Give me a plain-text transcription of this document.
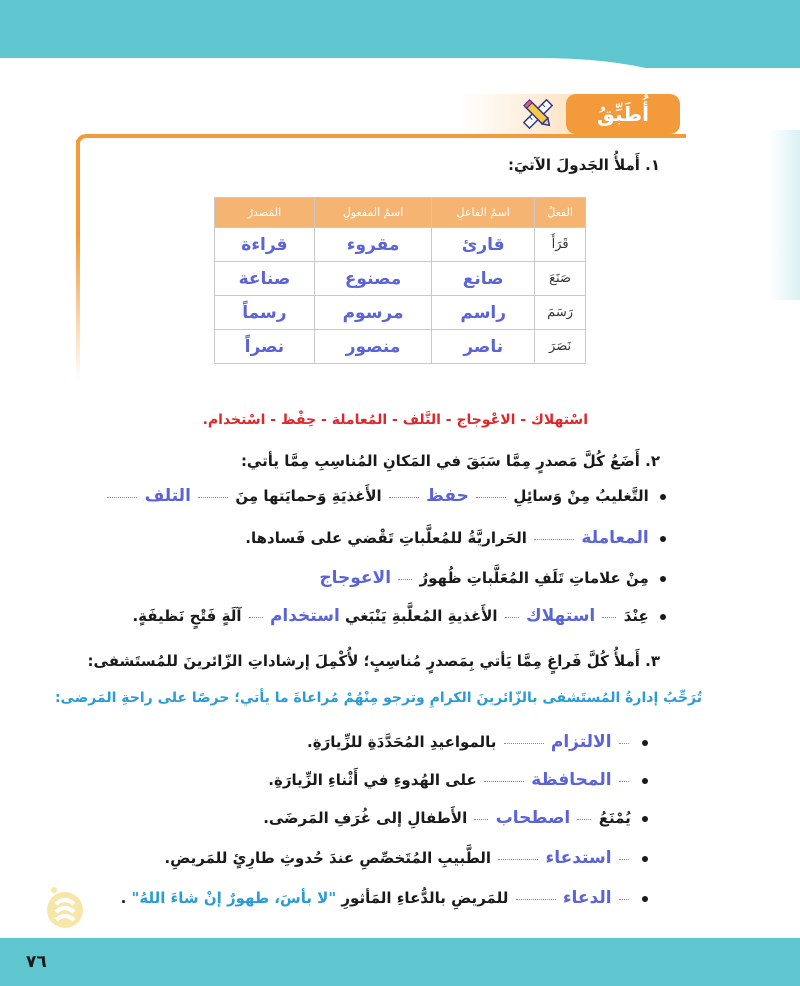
أُطَبِّقُ
١. أَملأُ الجَدولَ الآتيَ:
الفعلُ	اسمُ الفاعلِ	اسمُ المفعولِ	المَصدرُ
قَرَأَ	قارئ	مقروء	قراءة
صَنَعَ	صانع	مصنوع	صناعة
رَسَمَ	راسم	مرسوم	رسماً
نَصَرَ	ناصر	منصور	نصراً
اسْتهلاك - الاعْوجاج - التَّلف - المُعاملة - حِفْظ - اسْتخدام.
٢. أَضَعُ كُلَّ مَصدرٍ مِمَّا سَبَقَ في المَكانِ المُناسِبِ مِمَّا يأتي:
التَّغليبُ مِنْ وَسائِلِ  حفظ  الأَغذيَةِ وَحمايَتها مِنَ  التلف
المعاملة  الحَراريَّةُ للمُعلَّباتِ تَقْضي على فَسادها.
مِنْ علاماتِ تَلَفِ المُعَلَّباتِ ظُهورُ  الاعوجاج
عِنْدَ  استهلاك  الأَغذيةِ المُعلَّبةِ يَنْبَغي استخدام  آلَةٍ فَتْحٍ نَظيفَةٍ.
٣. أَملأُ كُلَّ فَراغٍ مِمَّا يَأتي بِمَصدرٍ مُناسِبٍ؛ لأُكْمِلَ إرشاداتِ الزّائرينَ للمُستَشفى:
تُرَحِّبُ إدارةُ المُستَشفى بالزّائرينَ الكرامِ وترجو مِنْهُمْ مُراعاةَ ما يأتي؛ حرصًا على راحةِ المَرضى:
الالتزام  بالمواعيدِ المُحَدَّدَةِ للزِّيارَةِ.
المحافظة  على الهُدوءِ في أَثْناءِ الزِّيارَةِ.
يُمْنَعُ  اصطحاب  الأَطفالِ إلى غُرَفِ المَرضَى.
استدعاء  الطَّبيبِ المُتَخصِّصِ عندَ حُدوثِ طارِئٍ للمَريضِ.
الدعاء  للمَريضِ بالدُّعاءِ المَأثورِ "لا بأسَ، طهورٌ إنْ شاءَ اللهُ" .
٧٦
